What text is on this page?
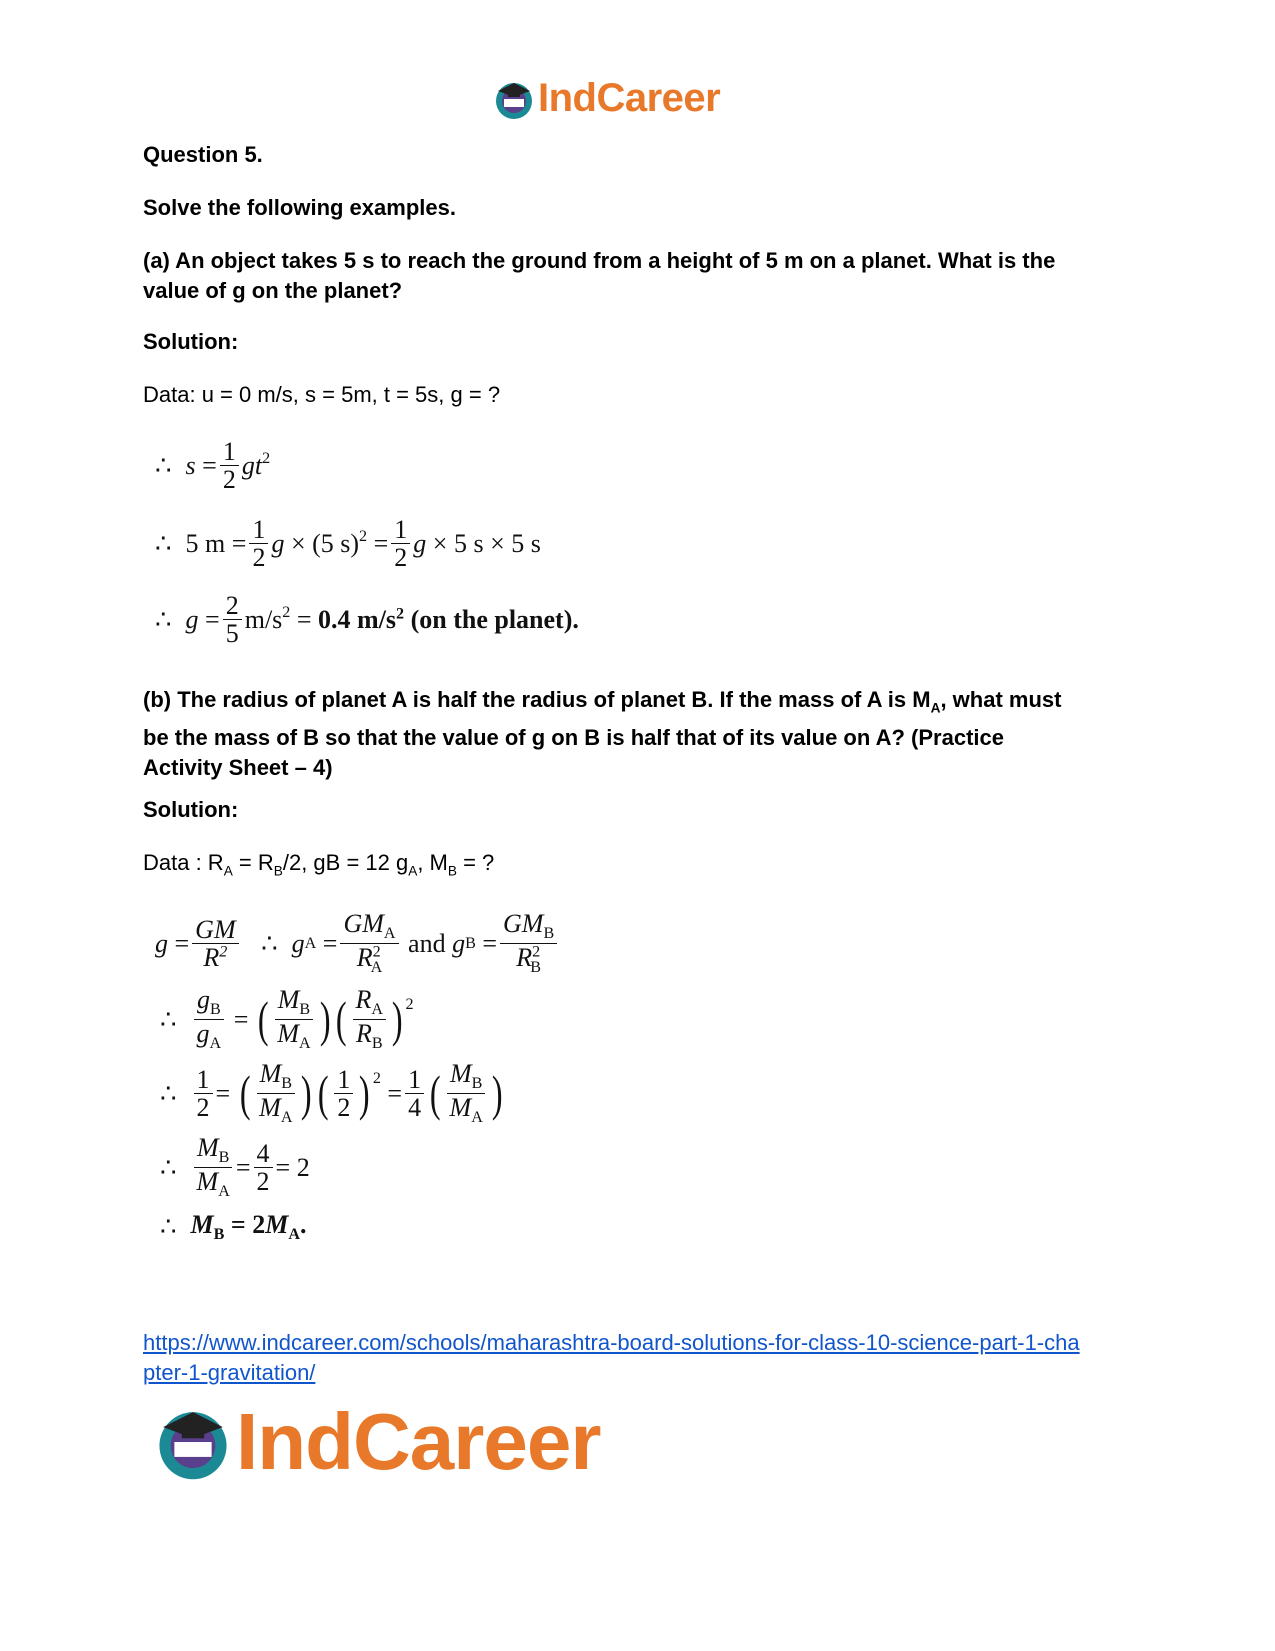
IndCareer
Question 5.
Solve the following examples.
(a) An object takes 5 s to reach the ground from a height of 5 m on a planet. What is the value of g on the planet?
Solution:
Data: u = 0 m/s, s = 5m, t = 5s, g = ?
∴ $s = \frac{1}{2} gt^2$
∴ 5 $m = \frac{1}{2}$ g × (5 $s)^2 = \frac{1}{2}$ g × 5 s × 5 s
∴ $g = \frac{2}{5} m/s^2 = 0.4$ $m/s^2$ (on the planet).
(b) The radius of planet A is half the radius of planet B. If the mass of A is $M_A$, what must be the mass of B so that the value of g on B is half that of its value on A? (Practice Activity Sheet – 4)
Solution:
Data : $R_A = R_B/2$, gB = 12 $g_A$, $M_B$ = ?
$g = \frac{GM}{R^2}$
∴ g $A = \frac{GM_A}{R^2_A}$ and g $B = \frac{GM_B}{R^2_B}$
∴ $\frac{g_B}{g_A}$ = ( $\frac{M_B}{M_A}$ ) ( $\frac{R_A}{R_B} )^2$
∴ $\frac{1}{2}$ = ( $\frac{M_B}{M_A}$ ) ( $\frac{1}{2} )^2$
= $\frac{1}{4}$ ( $\frac{M_B}{M_A}$ )
∴ $\frac{M_B}{M_A} = \frac{4}{2} = 2$
∴ $M_B = 2M_A$.
https://www.indcareer.com/schools/maharashtra-board-solutions-for-class-10-science-part-1-cha
pter-1-gravitation/
IndCareer
